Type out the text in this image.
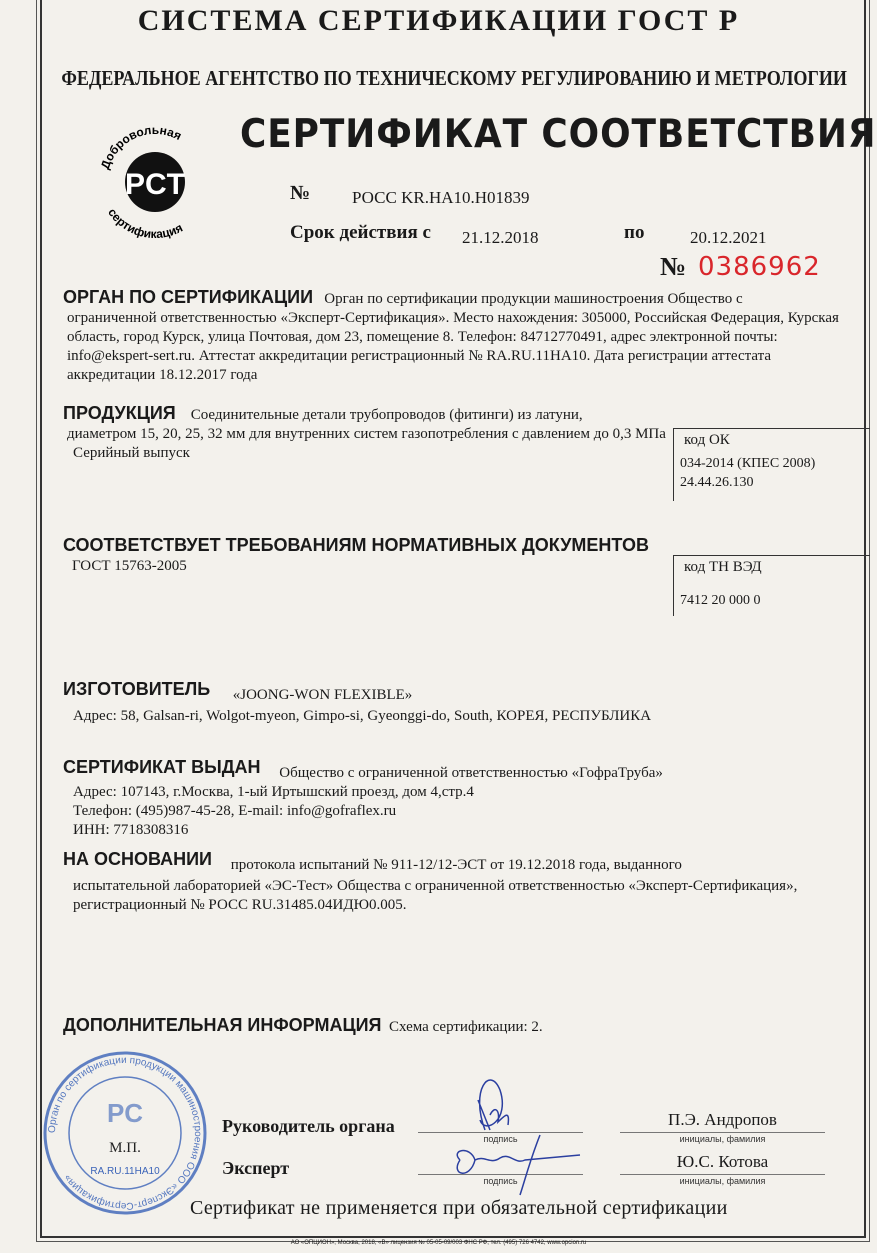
СИСТЕМА СЕРТИФИКАЦИИ ГОСТ Р
ФЕДЕРАЛЬНОЕ АГЕНТСТВО ПО ТЕХНИЧЕСКОМУ РЕГУЛИРОВАНИЮ И МЕТРОЛОГИИ
Добровольная
PCT
сертификация
СЕРТИФИКАТ СООТВЕТСТВИЯ
№ РОСС KR.HA10.H01839
Срок действия с 21.12.2018	по	20.12.2021
№ 0386962
ОРГАН ПО СЕРТИФИКАЦИИ Орган по сертификации продукции машиностроения Общество с

ограниченной ответственностью «Эксперт-Сертификация». Место нахождения: 305000, Российская Федерация, Курская область, город Курск, улица Почтовая, дом 23, помещение 8. Телефон: 84712770491, адрес электронной почты: info@ekspert-sert.ru. Аттестат аккредитации регистрационный № RA.RU.11HA10. Дата регистрации аттестата аккредитации 18.12.2017 года
ПРОДУКЦИЯ Соединительные детали трубопроводов (фитинги) из латуни,
диаметром 15, 20, 25, 32 мм для внутренних систем газопотребления с давлением до 0,3 МПа
Серийный выпуск
код ОК
034-2014 (КПЕС 2008)
24.44.26.130
СООТВЕТСТВУЕТ ТРЕБОВАНИЯМ НОРМАТИВНЫХ ДОКУМЕНТОВ
ГОСТ 15763-2005	код ТН ВЭД
7412 20 000 0
ИЗГОТОВИТЕЛЬ «JOONG-WON FLEXIBLE»
Адрес: 58, Galsan-ri, Wolgot-myeon, Gimpo-si, Gyeonggi-do, South, КОРЕЯ, РЕСПУБЛИКА
СЕРТИФИКАТ ВЫДАН Общество с ограниченной ответственностью «ГофраТруба»
Адрес: 107143, г.Москва, 1-ый Иртышский проезд, дом 4,стр.4
Телефон: (495)987-45-28, E-mail: info@gofraflex.ru
ИНН: 7718308316
НА ОСНОВАНИИ протокола испытаний № 911-12/12-ЭСТ от 19.12.2018 года, выданного
испытательной лабораторией «ЭС-Тест» Общества с ограниченной ответственностью «Эксперт-Сертификация», регистрационный № РОСС RU.31485.04ИДЮ0.005.
ДОПОЛНИТЕЛЬНАЯ ИНФОРМАЦИЯ Схема сертификации: 2.
Орган по сертификации продукции машиностроения ООО «Эксперт-Сертификация»
PC
М.П.
RA.RU.11HA10
Руководитель органа
подпись
П.Э. Андропов
инициалы, фамилия
Эксперт
подпись
Ю.С. Котова
инициалы, фамилия
Сертификат не применяется при обязательной сертификации
АО «ОПЦИОН», Москва, 2018, «В» лицензия № 05-05-09/003 ФНС РФ, тел. (495) 726 4742, www.opcion.ru
